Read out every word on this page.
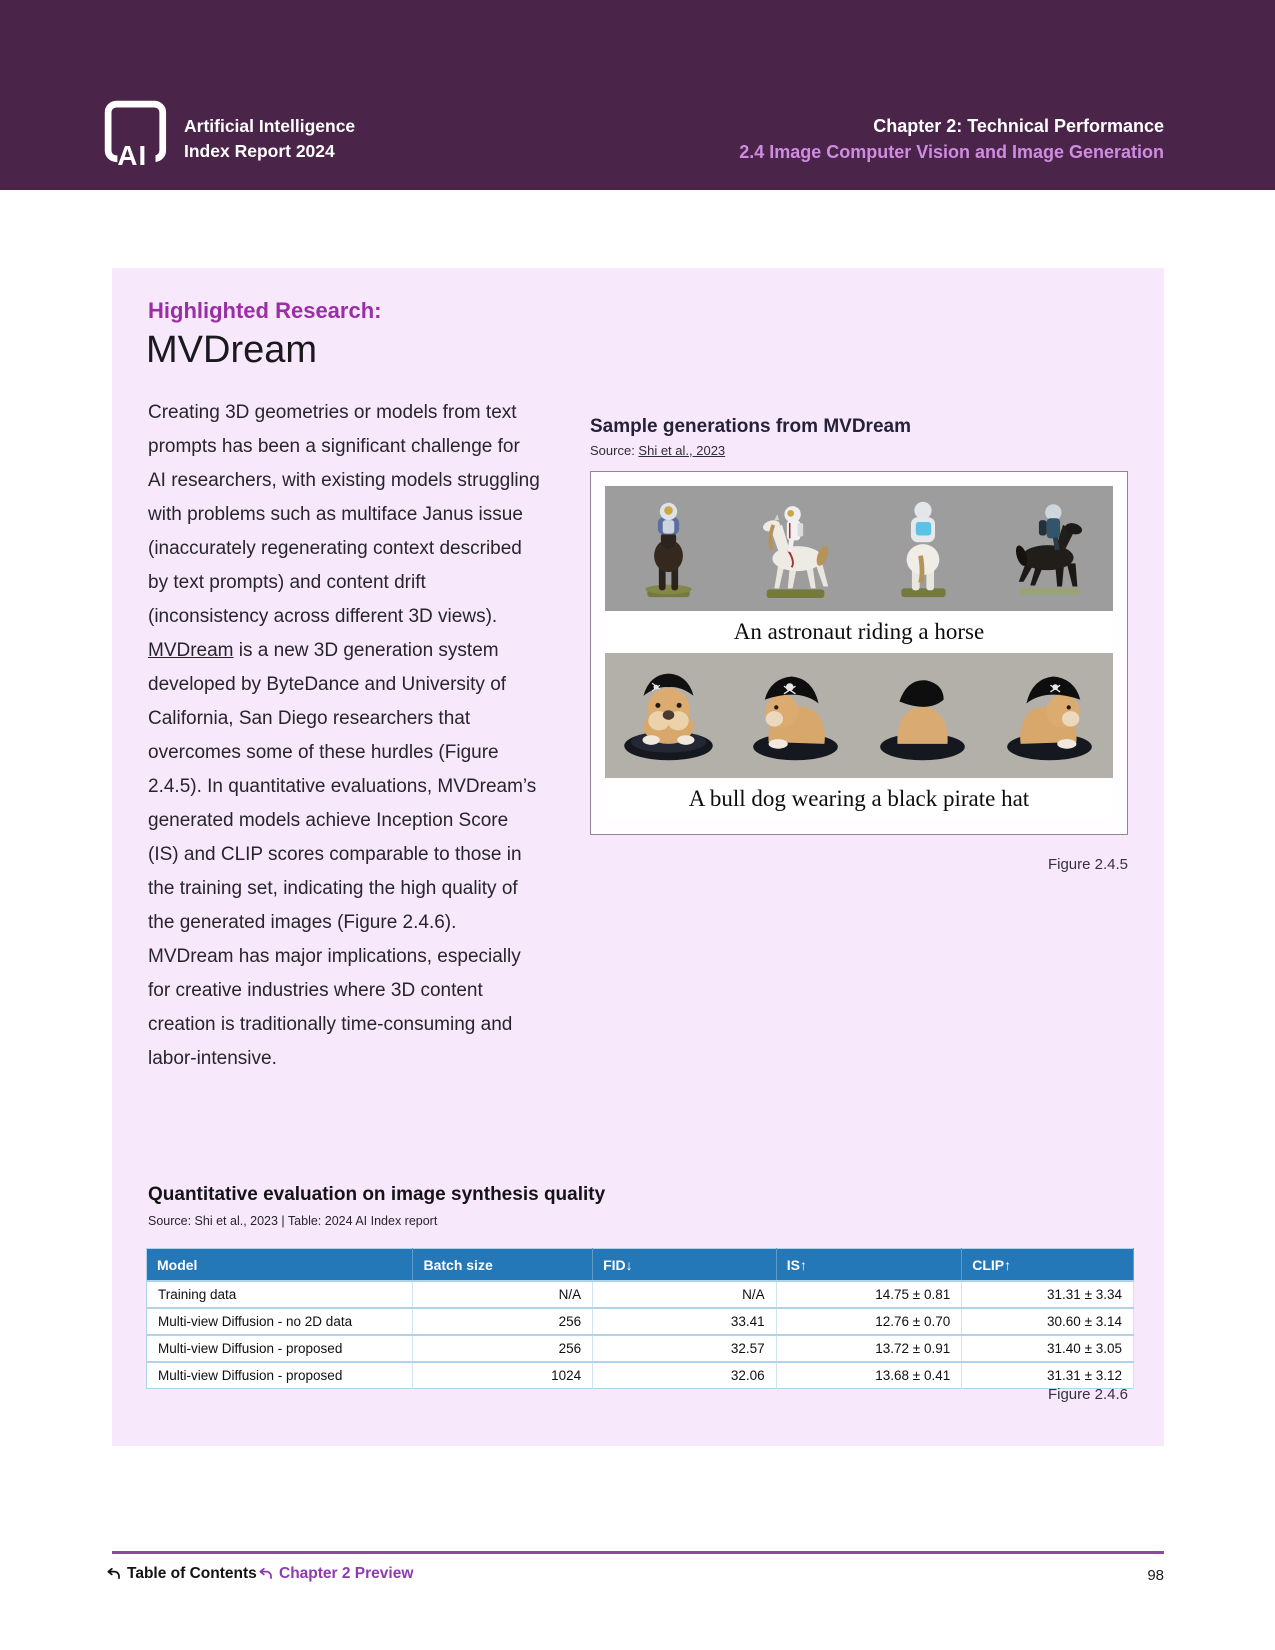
AI
Artificial Intelligence
Index Report 2024
Chapter 2: Technical Performance
2.4 Image Computer Vision and Image Generation
Highlighted Research:
MVDream

Creating 3D geometries or models from text prompts has been a significant challenge for AI researchers, with existing models struggling with problems such as multiface Janus issue (inaccurately regenerating context described by text prompts) and content drift (inconsistency across different 3D views). MVDream is a new 3D generation system developed by ByteDance and University of California, San Diego researchers that overcomes some of these hurdles (Figure 2.4.5). In quantitative evaluations, MVDream’s generated models achieve Inception Score (IS) and CLIP scores comparable to those in the training set, indicating the high quality of the generated images (Figure 2.4.6). MVDream has major implications, especially for creative industries where 3D content creation is traditionally time-consuming and labor-intensive.

Sample generations from MVDream
Source: Shi et al., 2023
An astronaut riding a horse
A bull dog wearing a black pirate hat
Figure 2.4.5
Quantitative evaluation on image synthesis quality
Source: Shi et al., 2023 | Table: 2024 AI Index report
Model	Batch size	FID↓	IS↑	CLIP↑
Training data	N/A	N/A	14.75 ± 0.81	31.31 ± 3.34
Multi-view Diffusion - no 2D data	256	33.41	12.76 ± 0.70	30.60 ± 3.14
Multi-view Diffusion - proposed	256	32.57	13.72 ± 0.91	31.40 ± 3.05
Multi-view Diffusion - proposed	1024	32.06	13.68 ± 0.41	31.31 ± 3.12
Figure 2.4.6
Table of Contents Chapter 2 Preview	98
